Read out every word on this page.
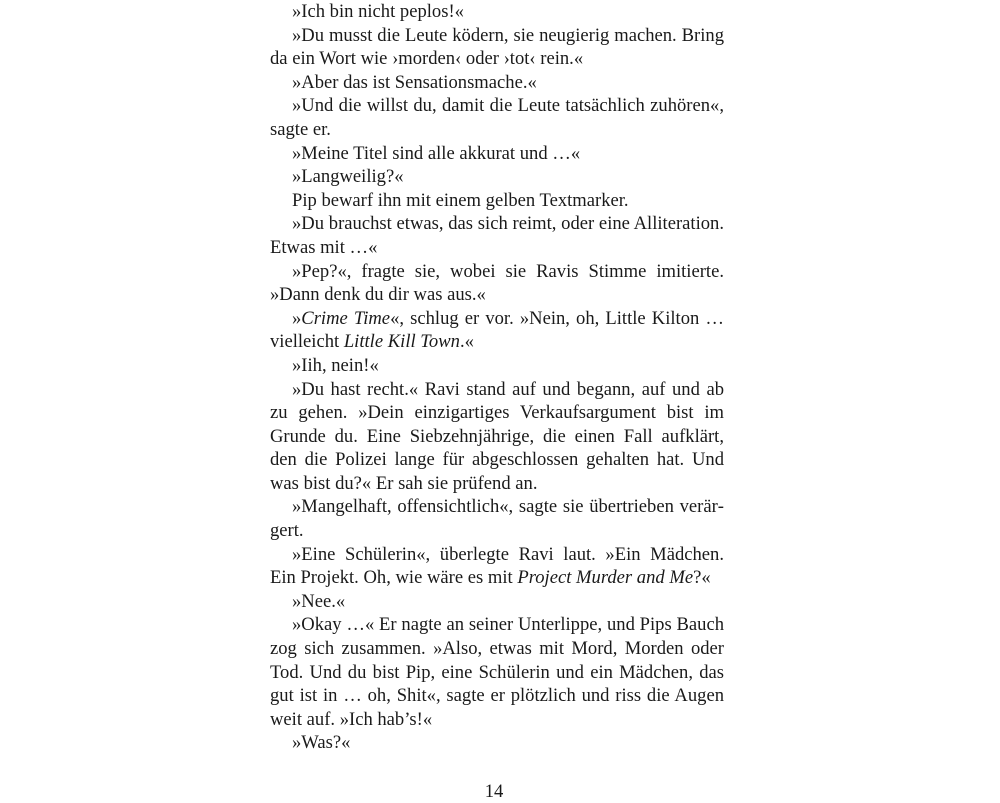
»Ich bin nicht peplos!«

»Du musst die Leute ködern, sie neugierig machen. Bring da ein Wort wie ›morden‹ oder ›tot‹ rein.«

»Aber das ist Sensationsmache.«

»Und die willst du, damit die Leute tatsächlich zuhören«, sagte er.

»Meine Titel sind alle akkurat und …«

»Langweilig?«

Pip bewarf ihn mit einem gelben Textmarker.

»Du brauchst etwas, das sich reimt, oder eine Alliteration. Etwas mit …«

»Pep?«, fragte sie, wobei sie Ravis Stimme imitierte. »Dann denk du dir was aus.«

»Crime Time«, schlug er vor. »Nein, oh, Little Kilton … vielleicht Little Kill Town.«

»Iih, nein!«

»Du hast recht.« Ravi stand auf und begann, auf und ab zu gehen. »Dein einzigartiges Verkaufsargument bist im Grunde du. Eine Siebzehnjährige, die einen Fall aufklärt, den die Polizei lange für abgeschlossen gehalten hat. Und was bist du?« Er sah sie prüfend an.

»Mangelhaft, offensichtlich«, sagte sie übertrieben verärgert.

»Eine Schülerin«, überlegte Ravi laut. »Ein Mädchen. Ein Projekt. Oh, wie wäre es mit Project Murder and Me?«

»Nee.«

»Okay …« Er nagte an seiner Unterlippe, und Pips Bauch zog sich zusammen. »Also, etwas mit Mord, Morden oder Tod. Und du bist Pip, eine Schülerin und ein Mädchen, das gut ist in … oh, Shit«, sagte er plötzlich und riss die Augen weit auf. »Ich hab’s!«

»Was?«

14
